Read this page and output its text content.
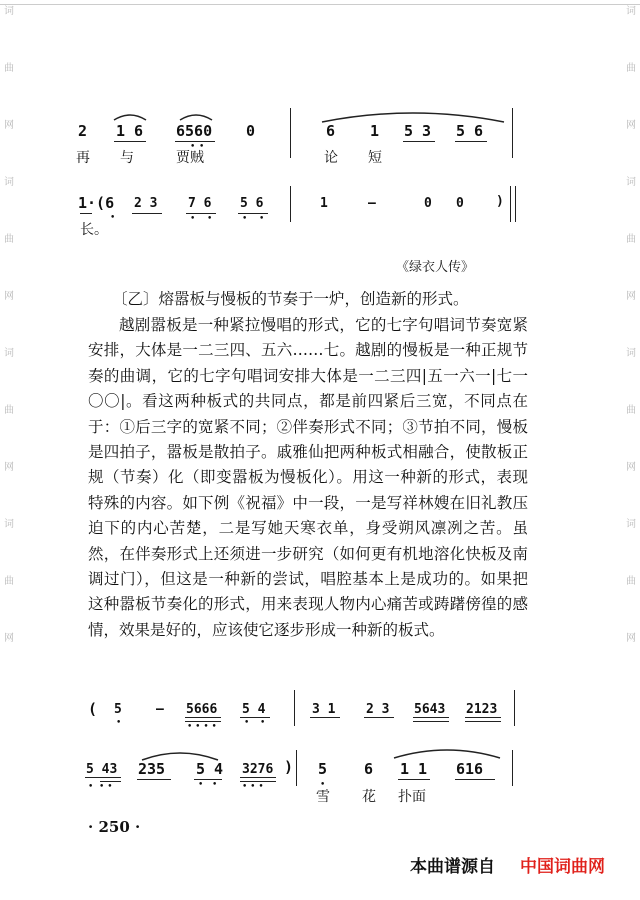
词
曲
网
词
曲
网
词
曲
网
词
曲
网
词
曲
网
词
曲
网
词
曲
网
词
曲
网
2 1 6 6560
• •
0	6 1 5 3 5 6
再 与	贾贼	论 短
1·(6
•
2 3 7 6
• •
5 6
• •
1	–	0 0 )
长。
《绿衣人传》
〔乙〕熔嚣板与慢板的节奏于一炉，创造新的形式。
越剧嚣板是一种紧拉慢唱的形式，它的七字句唱词节奏宽紧安排，大体是一二三四、五六……七。越剧的慢板是一种正规节奏的曲调，它的七字句唱词安排大体是一二三四|五一六一|七一〇〇|。看这两种板式的共同点，都是前四紧后三宽，不同点在于：①后三字的宽紧不同；②伴奏形式不同；③节拍不同，慢板是四拍子，嚣板是散拍子。戚雅仙把两种板式相融合，使散板正规（节奏）化（即变嚣板为慢板化）。用这一种新的形式，表现特殊的内容。如下例《祝福》中一段，一是写祥林嫂在旧礼教压迫下的内心苦楚，二是写她天寒衣单，身受朔风凛冽之苦。虽然，在伴奏形式上还须进一步研究（如何更有机地溶化快板及南调过门），但这是一种新的尝试，唱腔基本上是成功的。如果把这种嚣板节奏化的形式，用来表现人物内心痛苦或踌躇傍徨的感情，效果是好的，应该使它逐步形成一种新的板式。
( 5
•
– 5666
• • • •
5 4
• •
3 1 2 3 5643 2123
5 43
•  • •
235 5 4
• •
3276
• • •
) 5
•
6 1 1 616
雪 花 扑面
· 250 ·
本曲谱源自 中国词曲网
